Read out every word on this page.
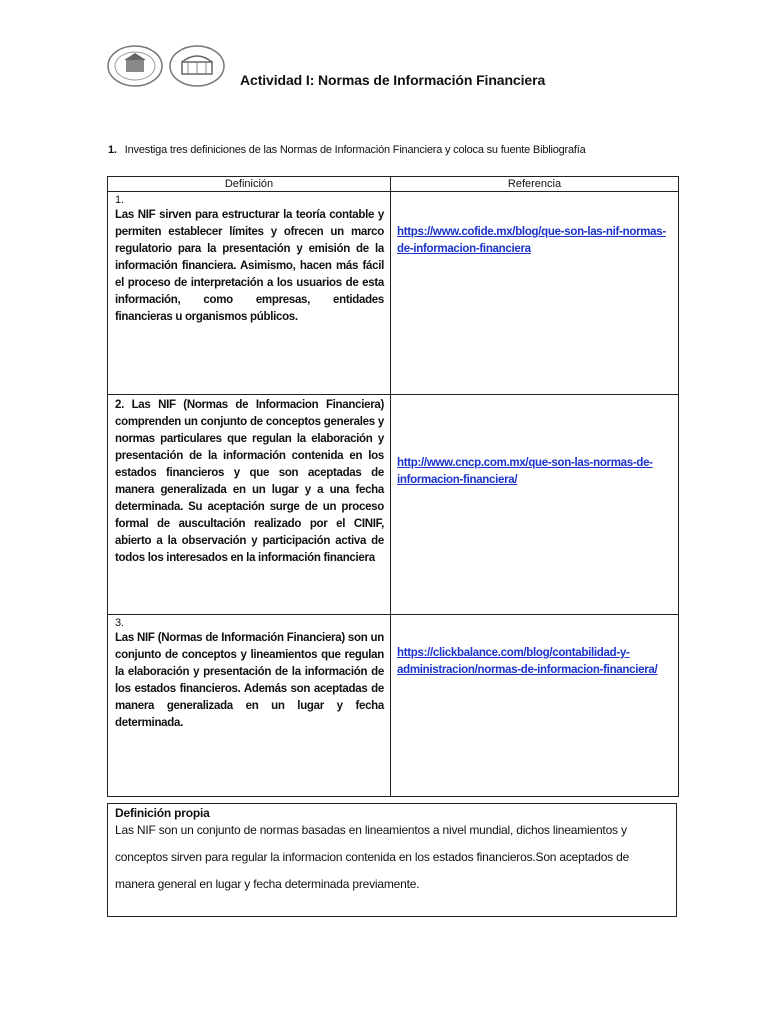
Actividad I: Normas de Información Financiera
1. Investiga tres definiciones de las Normas de Información Financiera y coloca su fuente Bibliografía
Definición	Referencia

1.
Las NIF sirven para estructurar la teoría contable y permiten establecer límites y ofrecen un marco regulatorio para la presentación y emisión de la información financiera. Asimismo, hacen más fácil el proceso de interpretación a los usuarios de esta información, como empresas, entidades financieras u organismos públicos.	https://www.cofide.mx/blog/que-son-las-nif-normas-de-informacion-financiera
2. Las NIF (Normas de Informacion Financiera) comprenden un conjunto de conceptos generales y normas particulares que regulan la elaboración y presentación de la información contenida en los estados financieros y que son aceptadas de manera generalizada en un lugar y a una fecha determinada. Su aceptación surge de un proceso formal de auscultación realizado por el CINIF, abierto a la observación y participación activa de todos los interesados en la información financiera	http://www.cncp.com.mx/que-son-las-normas-de-informacion-financiera/

3.
Las NIF (Normas de Información Financiera) son un conjunto de conceptos y lineamientos que regulan la elaboración y presentación de la información de los estados financieros. Además son aceptadas de manera generalizada en un lugar y fecha determinada.	https://clickbalance.com/blog/contabilidad-y-administracion/normas-de-informacion-financiera/
Definición propia
Las NIF son un conjunto de normas basadas en lineamientos a nivel mundial, dichos lineamientos y conceptos sirven para regular la informacion contenida en los estados financieros.Son aceptados de manera general en lugar y fecha determinada previamente.
